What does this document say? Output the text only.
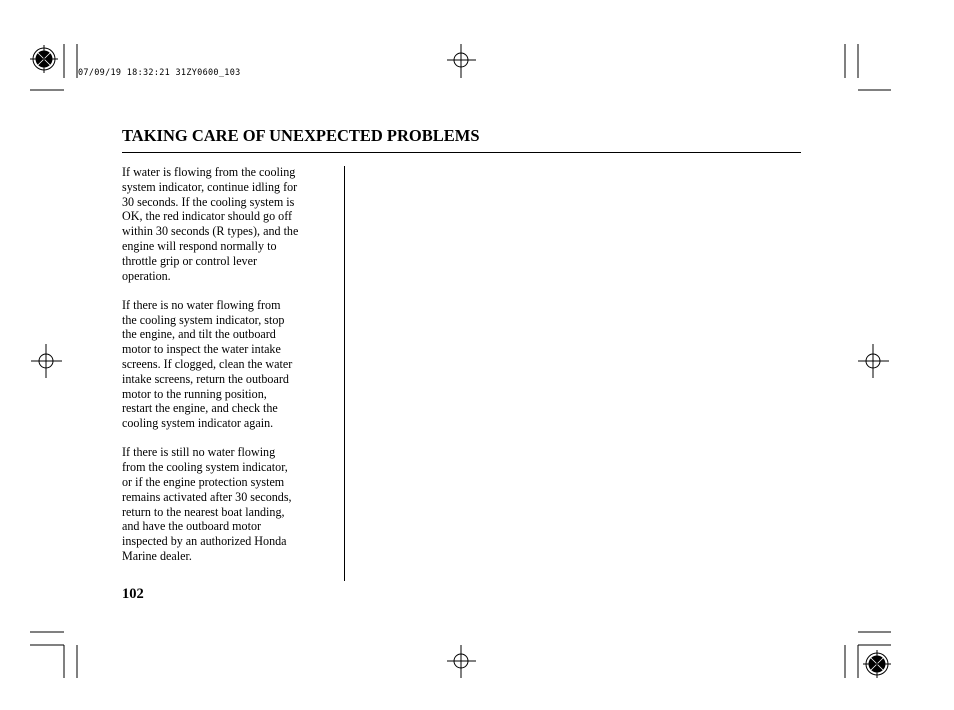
07/09/19 18:32:21 31ZY0600_103
TAKING CARE OF UNEXPECTED PROBLEMS

If water is flowing from the cooling
system indicator, continue idling for
30 seconds. If the cooling system is
OK, the red indicator should go off
within 30 seconds (R types), and the
engine will respond normally to
throttle grip or control lever
operation.

If there is no water flowing from
the cooling system indicator, stop
the engine, and tilt the outboard
motor to inspect the water intake
screens. If clogged, clean the water
intake screens, return the outboard
motor to the running position,
restart the engine, and check the
cooling system indicator again.

If there is still no water flowing
from the cooling system indicator,
or if the engine protection system
remains activated after 30 seconds,
return to the nearest boat landing,
and have the outboard motor
inspected by an authorized Honda
Marine dealer.

102
